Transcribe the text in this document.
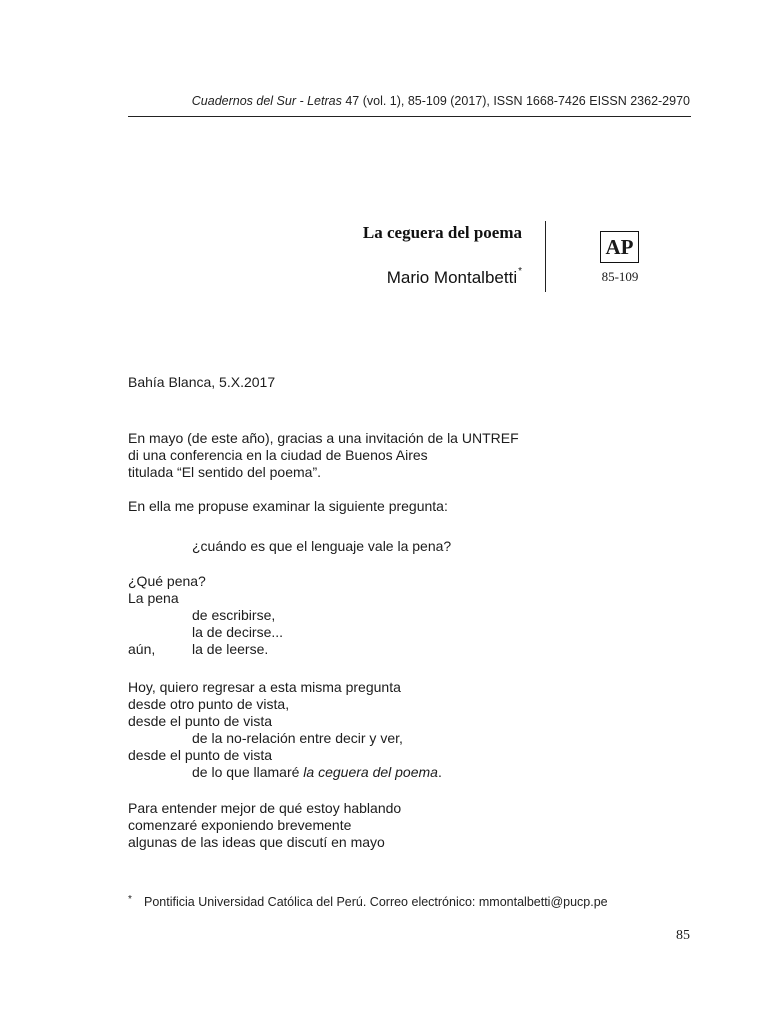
Cuadernos del Sur - Letras 47 (vol. 1), 85-109 (2017), ISSN 1668-7426 EISSN 2362-2970
La ceguera del poema
Mario Montalbetti*
AP
85-109
Bahía Blanca, 5.X.2017
En mayo (de este año), gracias a una invitación de la UNTREF
di una conferencia en la ciudad de Buenos Aires
titulada “El sentido del poema”.
En ella me propuse examinar la siguiente pregunta:
¿cuándo es que el lenguaje vale la pena?
¿Qué pena?
La pena
de escribirse,
la de decirse...
aún,	la de leerse.
Hoy, quiero regresar a esta misma pregunta
desde otro punto de vista,
desde el punto de vista
de la no-relación entre decir y ver,
desde el punto de vista
de lo que llamaré la ceguera del poema.
Para entender mejor de qué estoy hablando
comenzaré exponiendo brevemente
algunas de las ideas que discutí en mayo
* Pontificia Universidad Católica del Perú. Correo electrónico: mmontalbetti@pucp.pe
85
